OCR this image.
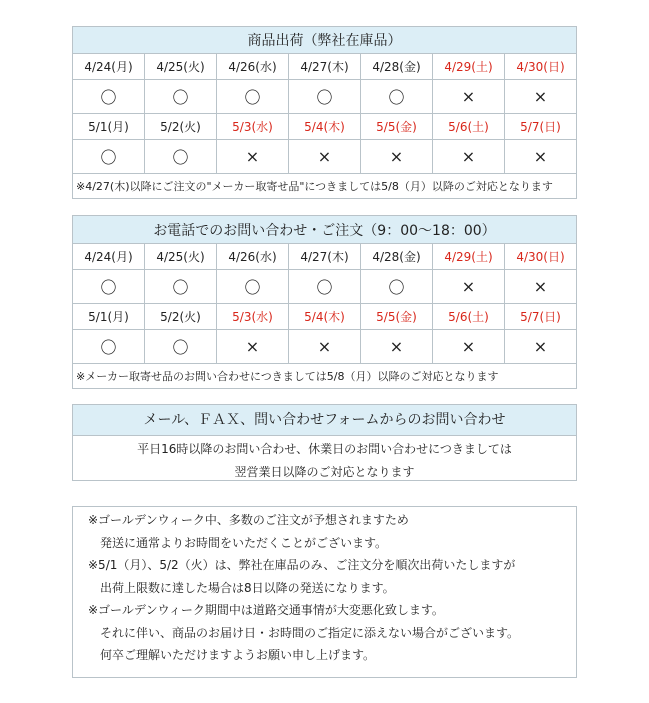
商品出荷（弊社在庫品）						
4/24(月)	4/25(火)	4/26(水)	4/27(木)	4/28(金)	4/29(土)	4/30(日)
〇	〇	〇	〇	〇	×	×
5/1(月)	5/2(火)	5/3(水)	5/4(木)	5/5(金)	5/6(土)	5/7(日)
〇	〇	×	×	×	×	×
※4/27(木)以降にご注文の"メーカー取寄せ品"につきましては5/8（月）以降のご対応となります						
お電話でのお問い合わせ・ご注文（9：00～18：00）						
4/24(月)	4/25(火)	4/26(水)	4/27(木)	4/28(金)	4/29(土)	4/30(日)
〇	〇	〇	〇	〇	×	×
5/1(月)	5/2(火)	5/3(水)	5/4(木)	5/5(金)	5/6(土)	5/7(日)
〇	〇	×	×	×	×	×
※メーカー取寄せ品のお問い合わせにつきましては5/8（月）以降のご対応となります						
メール、ＦＡＸ、問い合わせフォームからのお問い合わせ
平日16時以降のお問い合わせ、休業日のお問い合わせにつきましては
翌営業日以降のご対応となります

※ゴールデンウィーク中、多数のご注文が予想されますため

発送に通常よりお時間をいただくことがございます。

※5/1（月）、5/2（火）は、弊社在庫品のみ、ご注文分を順次出荷いたしますが

出荷上限数に達した場合は8日以降の発送になります。

※ゴールデンウィーク期間中は道路交通事情が大変悪化致します。

それに伴い、商品のお届け日・お時間のご指定に添えない場合がございます。

何卒ご理解いただけますようお願い申し上げます。
